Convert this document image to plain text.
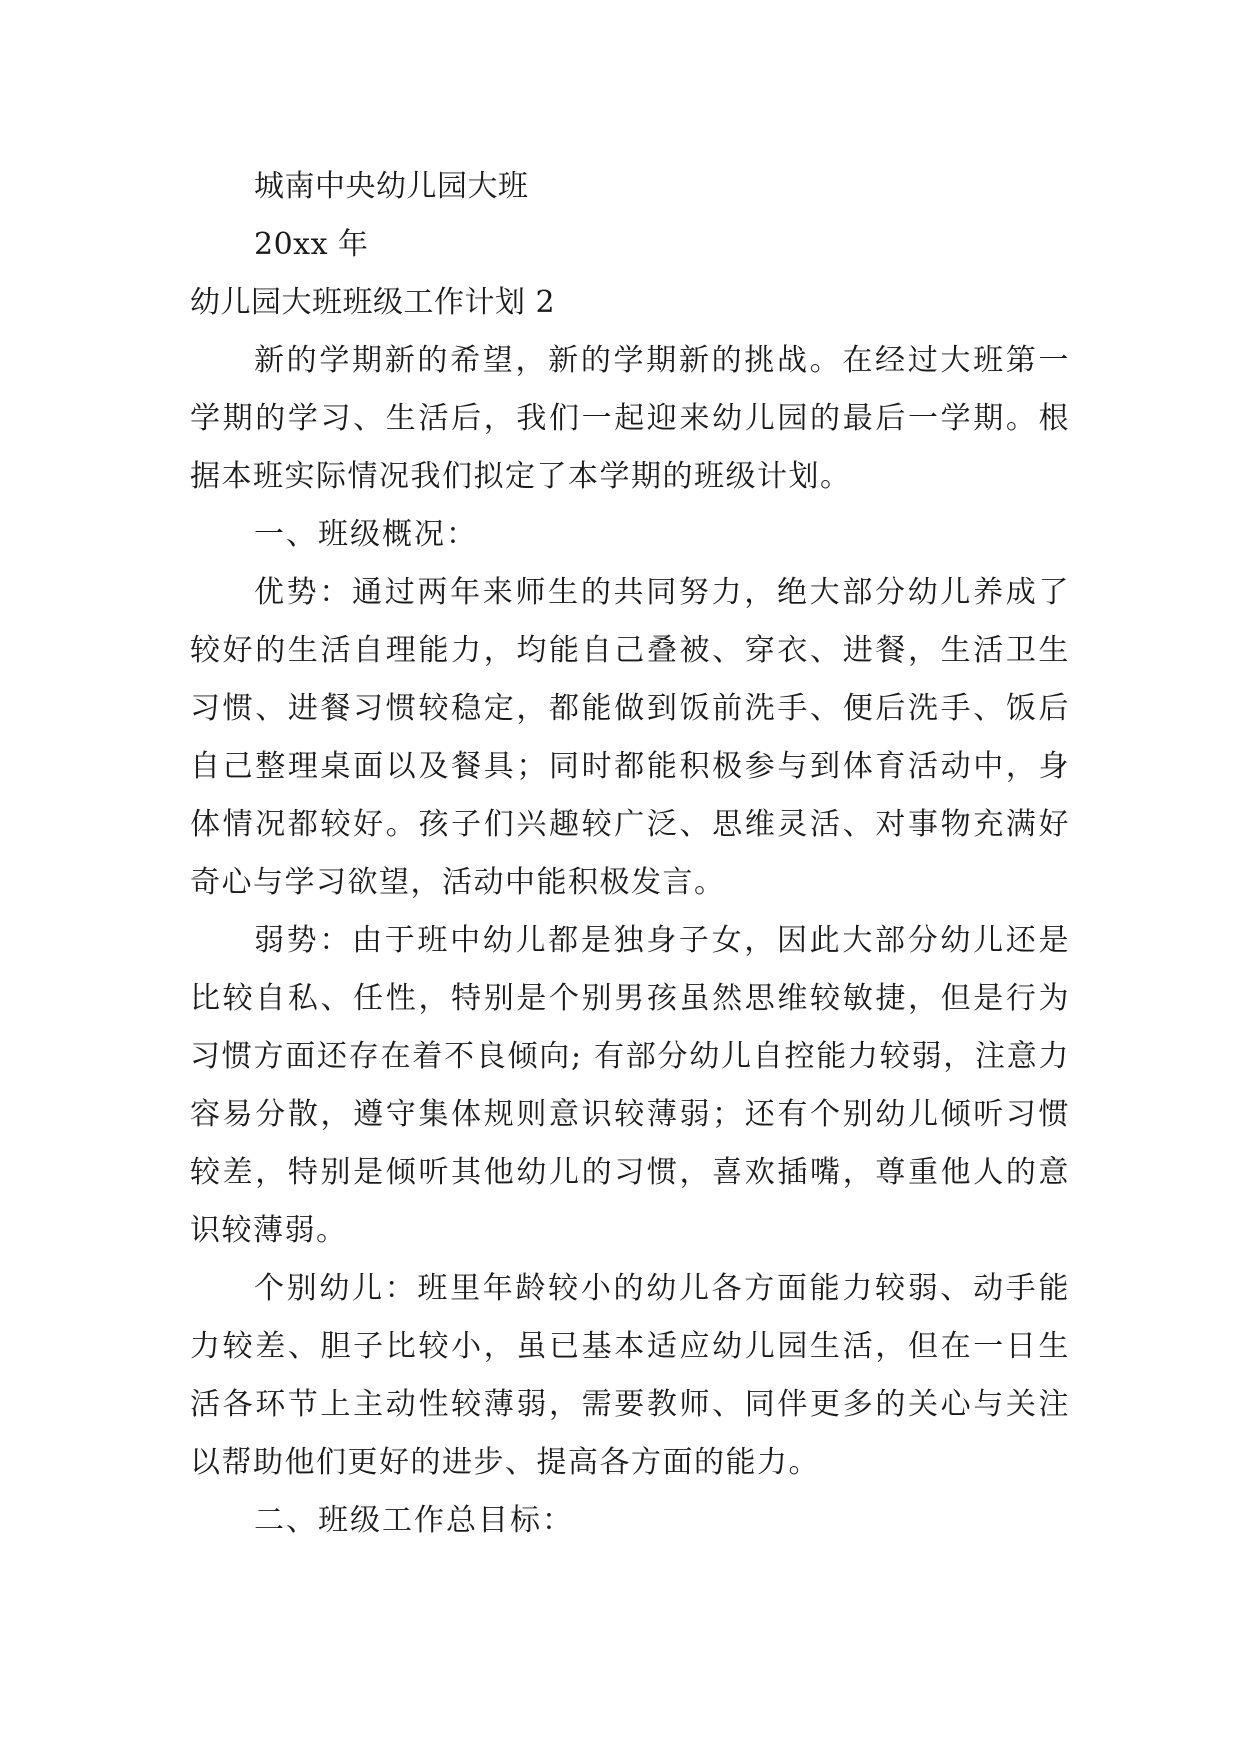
城南中央幼儿园大班
20xx 年
幼儿园大班班级工作计划 2

新的学期新的希望，新的学期新的挑战。在经过大班第一学期的学习、生活后，我们一起迎来幼儿园的最后一学期。根据本班实际情况我们拟定了本学期的班级计划。

一、班级概况：

优势：通过两年来师生的共同努力，绝大部分幼儿养成了较好的生活自理能力，均能自己叠被、穿衣、进餐，生活卫生习惯、进餐习惯较稳定，都能做到饭前洗手、便后洗手、饭后自己整理桌面以及餐具；同时都能积极参与到体育活动中，身体情况都较好。孩子们兴趣较广泛、思维灵活、对事物充满好奇心与学习欲望，活动中能积极发言。

弱势：由于班中幼儿都是独身子女，因此大部分幼儿还是比较自私、任性，特别是个别男孩虽然思维较敏捷，但是行为习惯方面还存在着不良倾向; 有部分幼儿自控能力较弱，注意力容易分散，遵守集体规则意识较薄弱；还有个别幼儿倾听习惯较差，特别是倾听其他幼儿的习惯，喜欢插嘴，尊重他人的意识较薄弱。

个别幼儿：班里年龄较小的幼儿各方面能力较弱、动手能力较差、胆子比较小，虽已基本适应幼儿园生活，但在一日生活各环节上主动性较薄弱，需要教师、同伴更多的关心与关注以帮助他们更好的进步、提高各方面的能力。

二、班级工作总目标：
